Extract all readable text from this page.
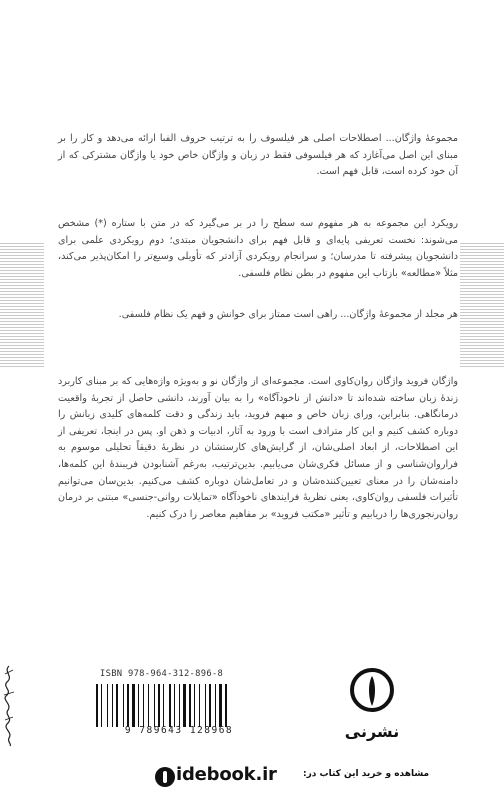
مجموعهٔ واژگان... اصطلاحات اصلی هر فیلسوف را به ترتیب حروف الفبا ارائه می‌دهد و کار را بر مبنای این اصل می‌آغازد که هر فیلسوفی فقط در زبان و واژگان خاص خود یا واژگان مشترکی که از آن خود کرده است، قابل فهم است.
رویکرد این مجموعه به هر مفهوم سه سطح را در بر می‌گیرد که در متن با ستاره (*) مشخص می‌شوند: نخست تعریفی پایه‌ای و قابل فهم برای دانشجویان مبتدی؛ دوم رویکردی علمی برای دانشجویان پیشرفته تا مدرسان؛ و سرانجام رویکردی آزادتر که تأویلی وسیع‌تر را امکان‌پذیر می‌کند، مثلاً «مطالعه» بازتاب این مفهوم در بطن نظام فلسفی.
هر مجلد از مجموعهٔ واژگان... راهی است ممتاز برای خوانش و فهم یک نظام فلسفی.
واژگان فروید واژگان روان‌کاوی است. مجموعه‌ای از واژگان نو و به‌ویژه واژه‌هایی که بر مبنای کاربرد زندهٔ زبان ساخته شده‌اند تا «دانش از ناخودآگاه» را به بیان آورند، دانشی حاصل از تجربهٔ واقعیت درمانگاهی. بنابراین، ورای زبان خاص و مبهم فروید، باید زندگی و دقت کلمه‌های کلیدی زبانش را دوباره کشف کنیم و این کار مترادف است با ورود به آثار، ادبیات و ذهن او. پس در اینجا، تعریفی از این اصطلاحات، از ابعاد اصلی‌شان، از گرایش‌های کارستشان در نظریهٔ دقیقاً تحلیلی موسوم به فراروان‌شناسی و از مسائل فکری‌شان می‌یابیم. بدین‌ترتیب، به‌رغم آشنابودن فریبندهٔ این کلمه‌ها، دامنه‌شان را در معنای تعیین‌کننده‌شان و در تعامل‌شان دوباره کشف می‌کنیم. بدین‌سان می‌توانیم تأثیرات فلسفی روان‌کاوی، یعنی نظریهٔ فرایندهای ناخودآگاه «تمایلات روانی-جنسی» مبتنی بر درمان روان‌رنجوری‌ها را دریابیم و تأثیر «مکتب فروید» بر مفاهیم معاصر را درک کنیم.
ISBN 978-964-312-896-8
9 789643 128968	نشرنی
مشاهده و خرید این کتاب در:
idebook.ir
